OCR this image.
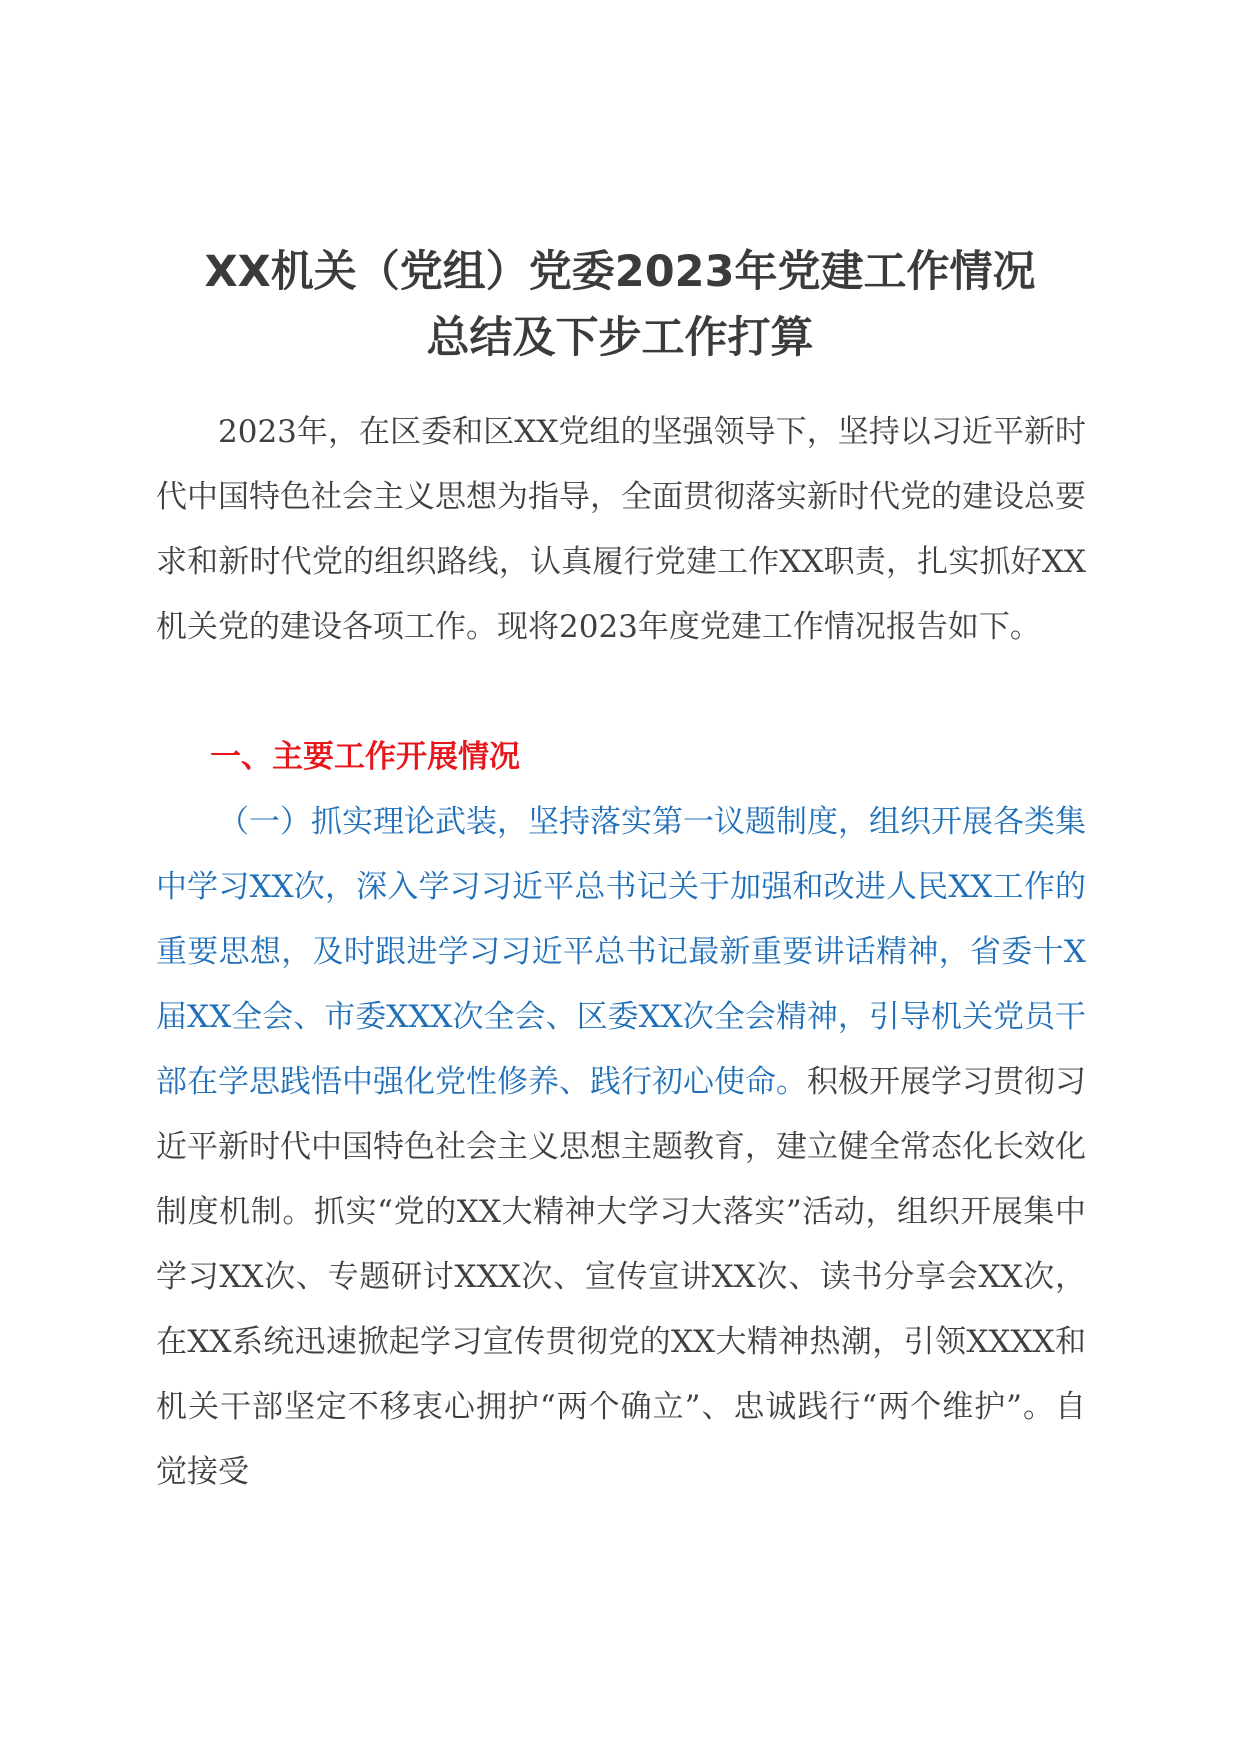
XX机关（党组）党委2023年党建工作情况
总结及下步工作打算

2023年，在区委和区XX党组的坚强领导下，坚持以习近平新时代中国特色社会主义思想为指导，全面贯彻落实新时代党的建设总要求和新时代党的组织路线，认真履行党建工作XX职责，扎实抓好XX机关党的建设各项工作。现将2023年度党建工作情况报告如下。

一、主要工作开展情况

（一）抓实理论武装，坚持落实第一议题制度，组织开展各类集中学习XX次，深入学习习近平总书记关于加强和改进人民XX工作的重要思想，及时跟进学习习近平总书记最新重要讲话精神，省委十X届XX全会、市委XXX次全会、区委XX次全会精神，引导机关党员干部在学思践悟中强化党性修养、践行初心使命。积极开展学习贯彻习近平新时代中国特色社会主义思想主题教育，建立健全常态化长效化制度机制。抓实“党的XX大精神大学习大落实”活动，组织开展集中学习XX次、专题研讨XXX次、宣传宣讲XX次、读书分享会XX次，在XX系统迅速掀起学习宣传贯彻党的XX大精神热潮，引领XXXX和机关干部坚定不移衷心拥护“两个确立”、忠诚践行“两个维护”。自觉接受
